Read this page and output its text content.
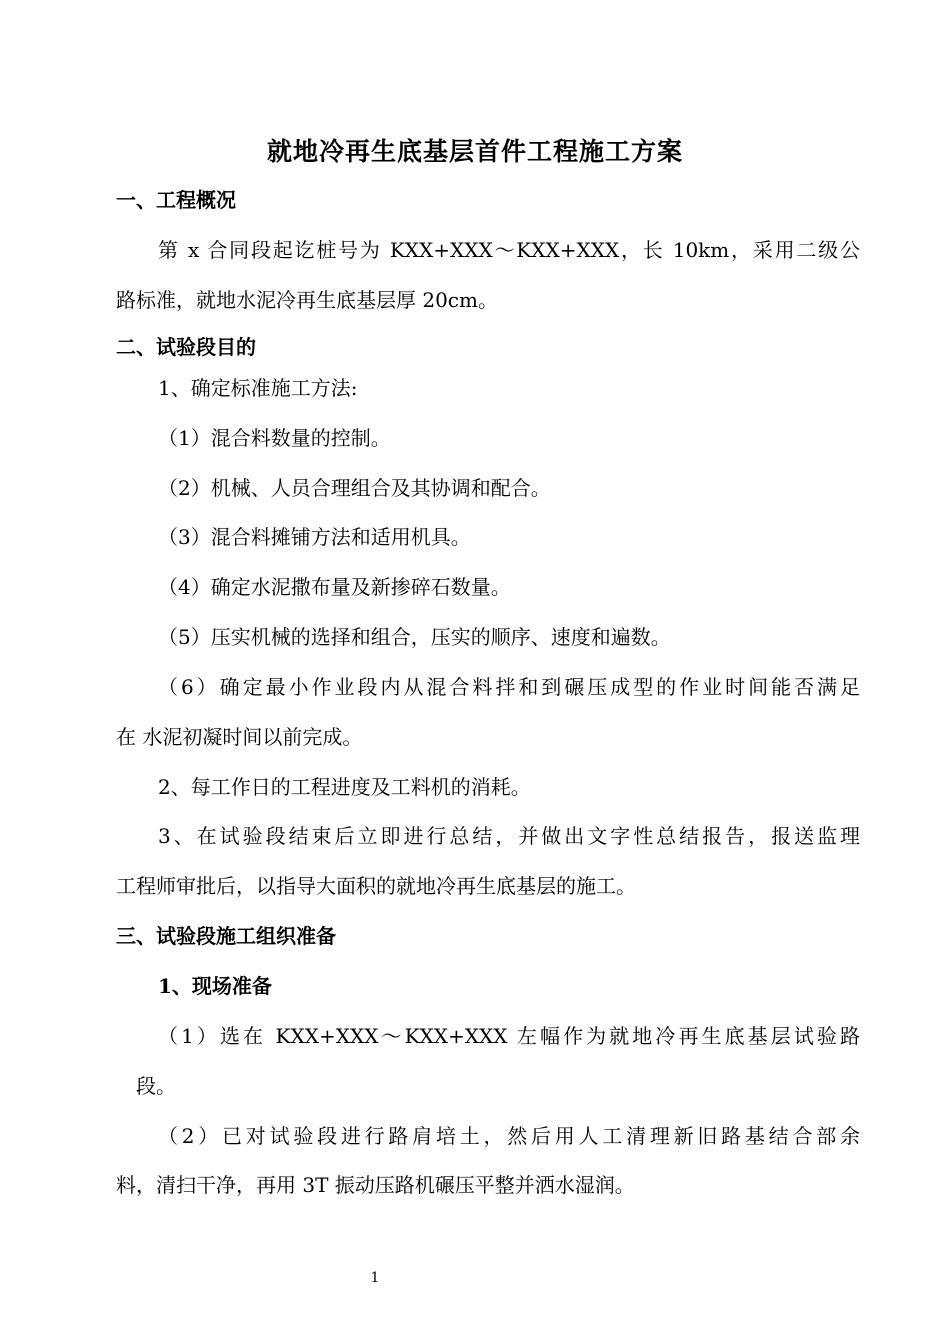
就地冷再生底基层首件工程施工方案
一、工程概况
第 x 合同段起讫桩号为 KXX+XXX～KXX+XXX，长 10km，采用二级公
路标准，就地水泥冷再生底基层厚 20cm。
二、试验段目的
1、确定标准施工方法:
（1）混合料数量的控制。
（2）机械、人员合理组合及其协调和配合。
（3）混合料摊铺方法和适用机具。
（4）确定水泥撒布量及新掺碎石数量。
（5）压实机械的选择和组合，压实的顺序、速度和遍数。
（6）确定最小作业段内从混合料拌和到碾压成型的作业时间能否满足
在 水泥初凝时间以前完成。
2、每工作日的工程进度及工料机的消耗。
3、在试验段结束后立即进行总结，并做出文字性总结报告，报送监理
工程师审批后，以指导大面积的就地冷再生底基层的施工。
三、试验段施工组织准备
1、现场准备
（1）选在 KXX+XXX～KXX+XXX 左幅作为就地冷再生底基层试验路
段。
（2）已对试验段进行路肩培土，然后用人工清理新旧路基结合部余
料，清扫干净，再用 3T 振动压路机碾压平整并洒水湿润。
1
